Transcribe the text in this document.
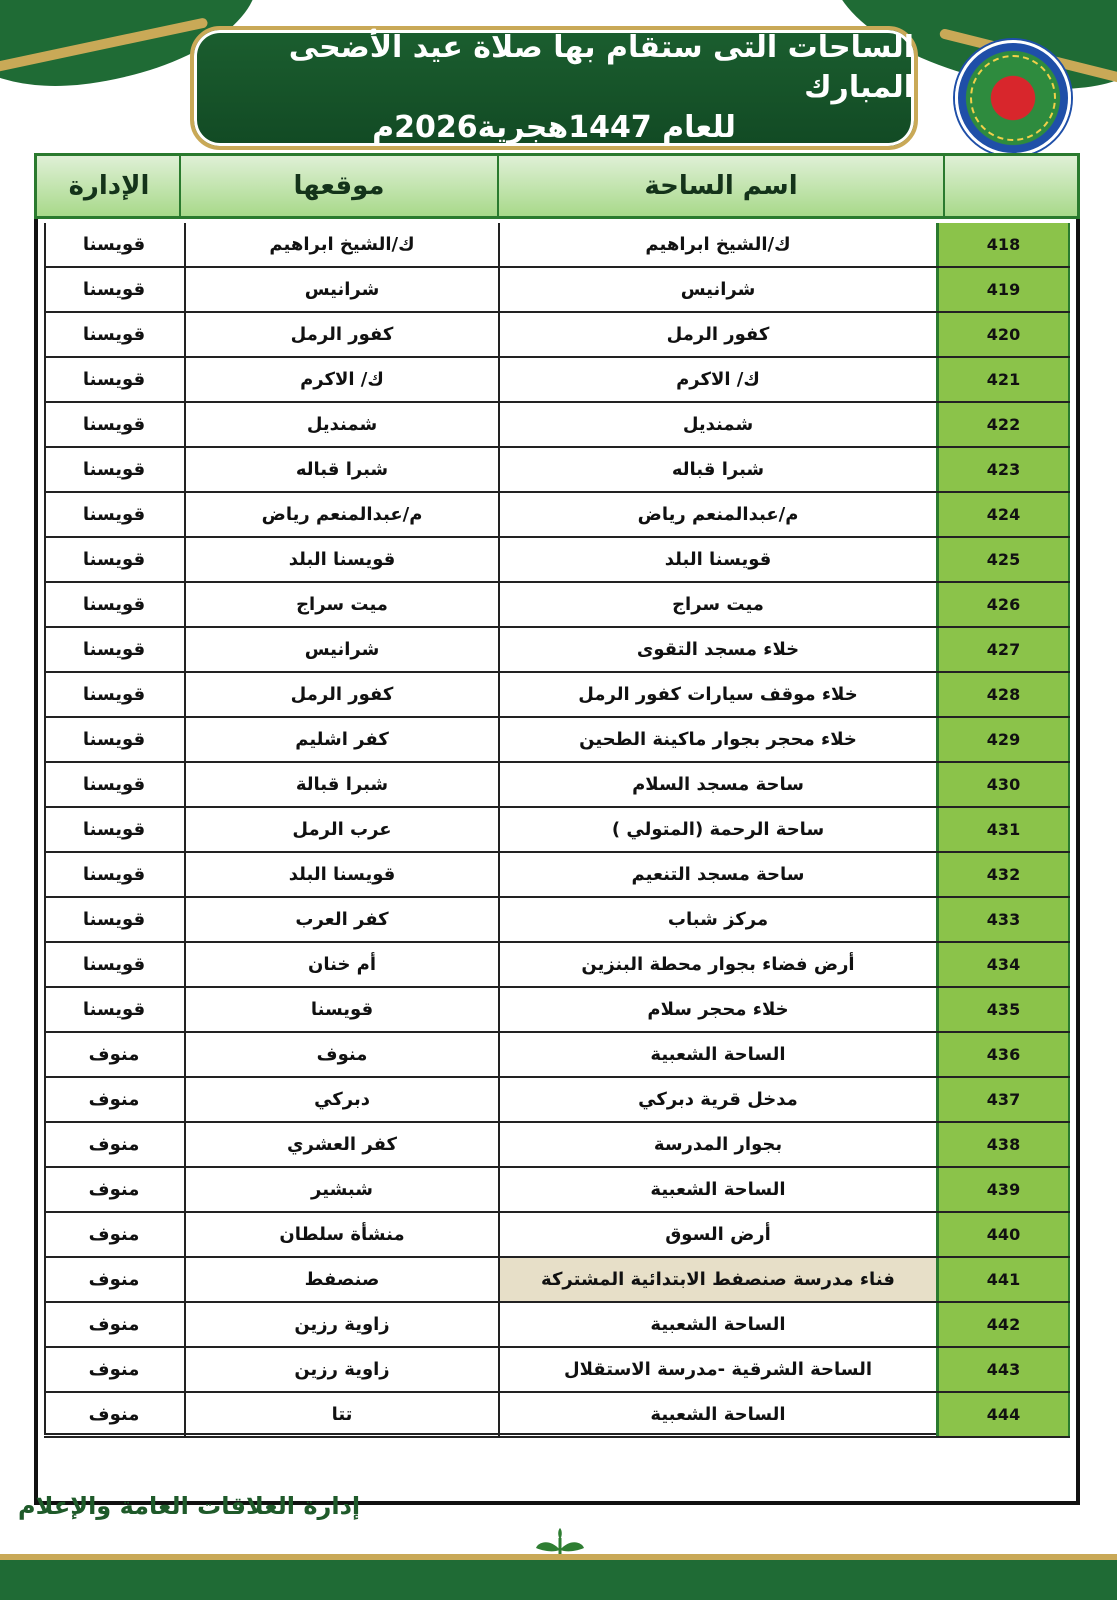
الساحات التى ستقام بها صلاة عيد الأضحى المبارك
للعام 1447هجرية2026م
اسم الساحة
موقعها
الإدارة
418
ك/الشيخ ابراهيم
ك/الشيخ ابراهيم
قويسنا
419
شرانيس
شرانيس
قويسنا
420
كفور الرمل
كفور الرمل
قويسنا
421
ك/ الاكرم
ك/ الاكرم
قويسنا
422
شمنديل
شمنديل
قويسنا
423
شبرا قباله
شبرا قباله
قويسنا
424
م/عبدالمنعم رياض
م/عبدالمنعم رياض
قويسنا
425
قويسنا البلد
قويسنا البلد
قويسنا
426
ميت سراج
ميت سراج
قويسنا
427
خلاء مسجد التقوى
شرانيس
قويسنا
428
خلاء موقف سيارات كفور الرمل
كفور الرمل
قويسنا
429
خلاء محجر بجوار ماكينة الطحين
كفر اشليم
قويسنا
430
ساحة مسجد السلام
شبرا قبالة
قويسنا
431
ساحة الرحمة (المتولي )
عرب الرمل
قويسنا
432
ساحة مسجد التنعيم
قويسنا البلد
قويسنا
433
مركز شباب
كفر العرب
قويسنا
434
أرض فضاء بجوار محطة البنزين
أم خنان
قويسنا
435
خلاء محجر سلام
قويسنا
قويسنا
436
الساحة الشعبية
منوف
منوف
437
مدخل قرية دبركي
دبركي
منوف
438
بجوار المدرسة
كفر العشري
منوف
439
الساحة الشعبية
شبشير
منوف
440
أرض السوق
منشأة سلطان
منوف
441
فناء مدرسة صنصفط الابتدائية المشتركة
صنصفط
منوف
442
الساحة الشعبية
زاوية رزين
منوف
443
الساحة الشرقية -مدرسة الاستقلال
زاوية رزين
منوف
444
الساحة الشعبية
تتا
منوف
إدارة العلاقات العامة والإعلام
